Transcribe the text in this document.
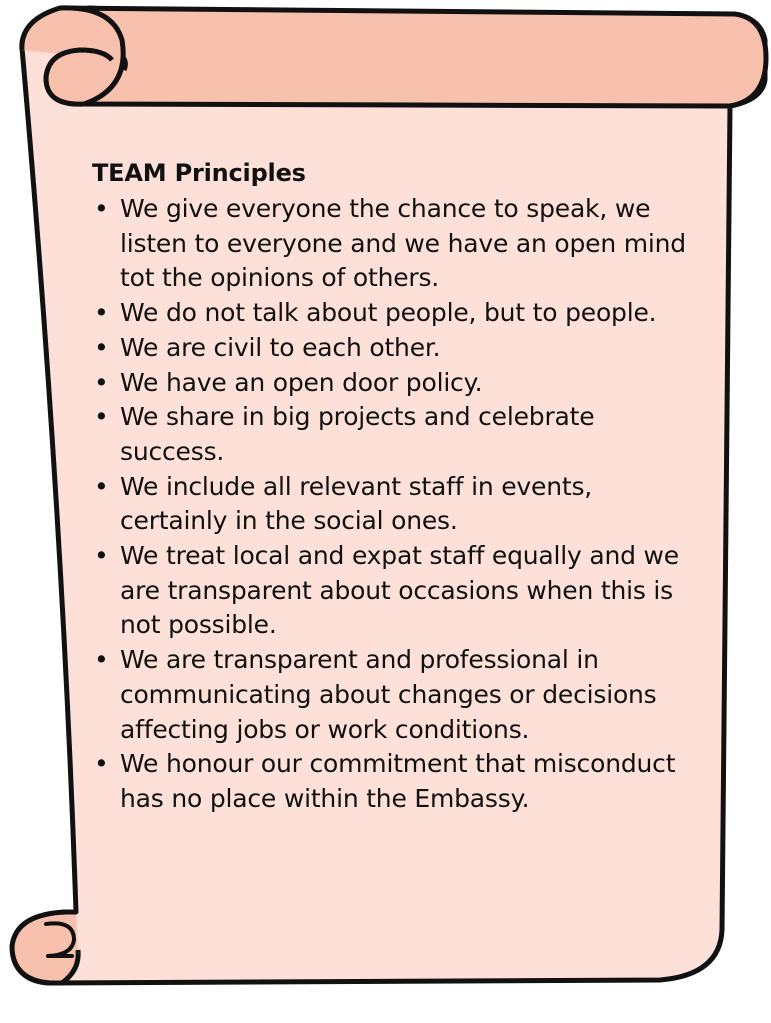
TEAM Principles
• We give everyone the chance to speak, we listen to everyone and we have an open mind tot the opinions of others.
• We do not talk about people, but to people.
• We are civil to each other.
• We have an open door policy.
• We share in big projects and celebrate success.
• We include all relevant staff in events, certainly in the social ones.
• We treat local and expat staff equally and we are transparent about occasions when this is not possible.
• We are transparent and professional in communicating about changes or decisions affecting jobs or work conditions.
• We honour our commitment that misconduct has no place within the Embassy.
